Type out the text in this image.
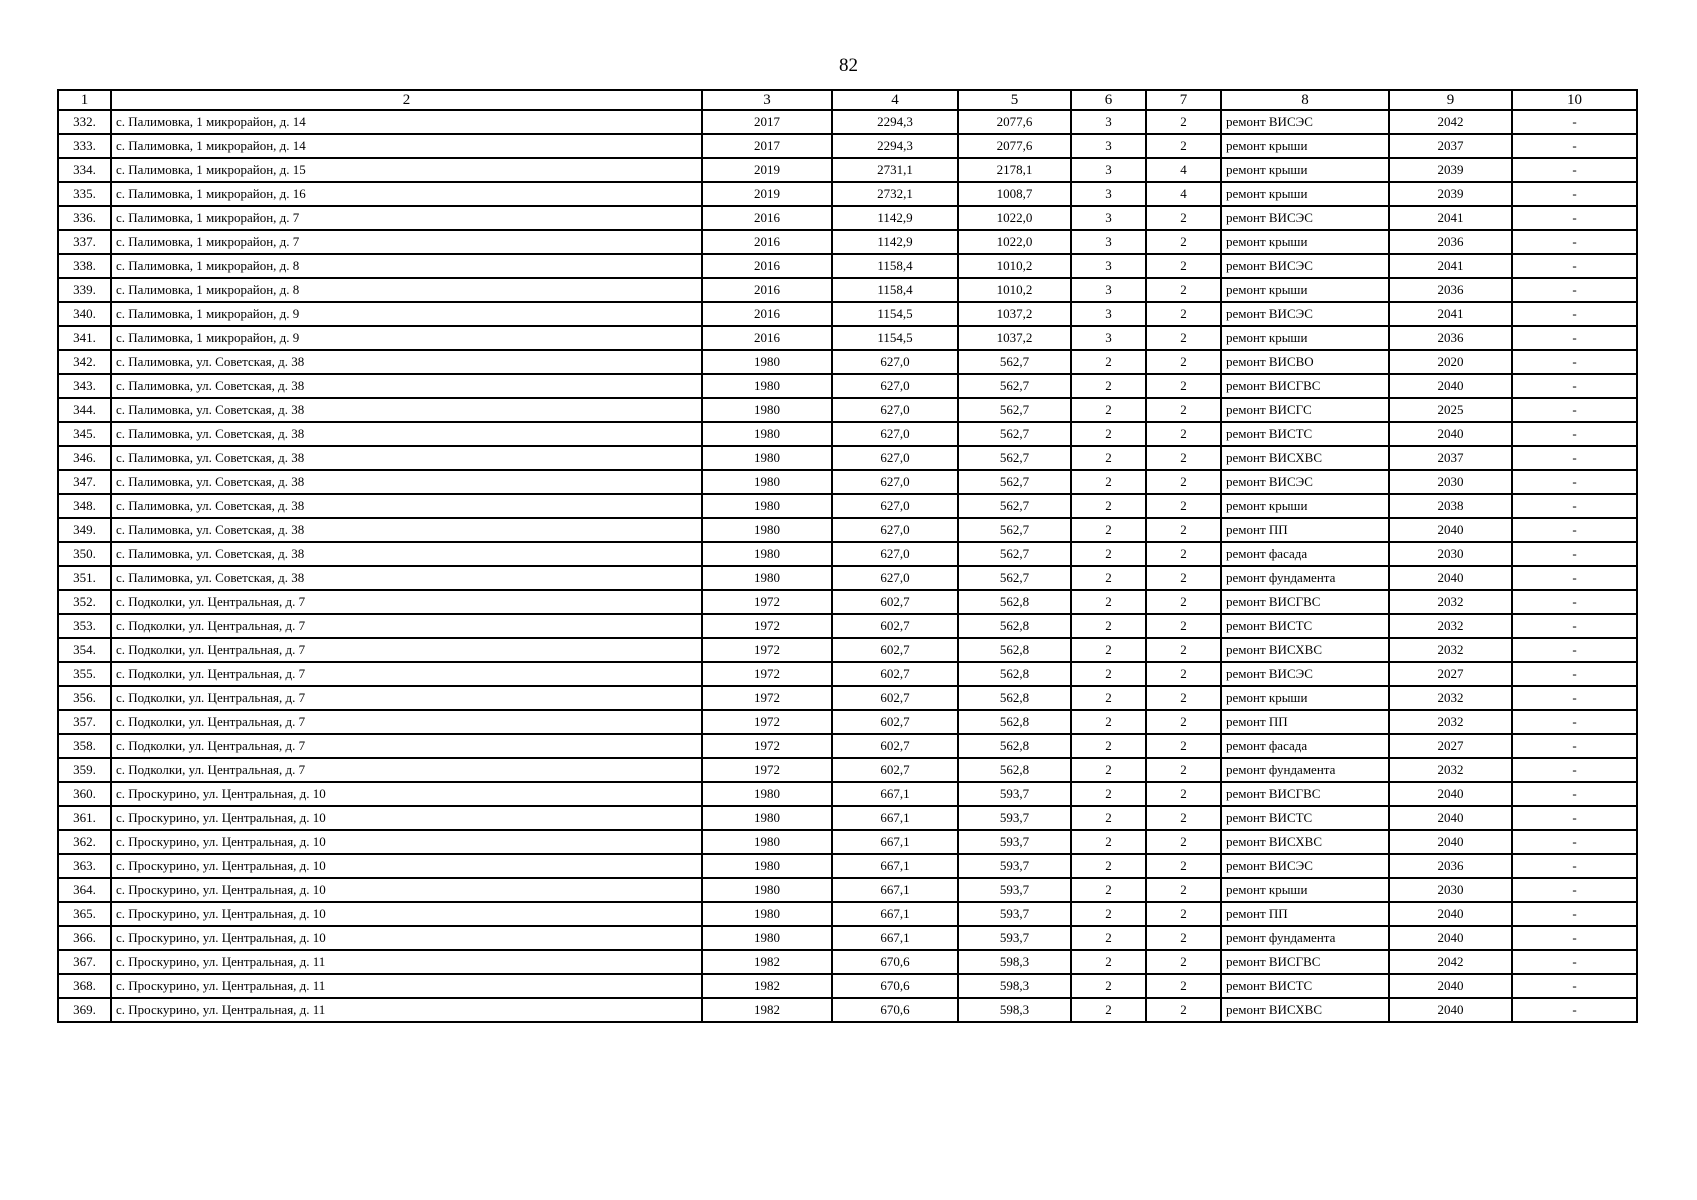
82
1	2	3	4	5	6	7	8	9	10
332.	с. Палимовка, 1 микрорайон, д. 14	2017	2294,3	2077,6	3	2	ремонт ВИСЭС	2042	-
333.	с. Палимовка, 1 микрорайон, д. 14	2017	2294,3	2077,6	3	2	ремонт крыши	2037	-
334.	с. Палимовка, 1 микрорайон, д. 15	2019	2731,1	2178,1	3	4	ремонт крыши	2039	-
335.	с. Палимовка, 1 микрорайон, д. 16	2019	2732,1	1008,7	3	4	ремонт крыши	2039	-
336.	с. Палимовка, 1 микрорайон, д. 7	2016	1142,9	1022,0	3	2	ремонт ВИСЭС	2041	-
337.	с. Палимовка, 1 микрорайон, д. 7	2016	1142,9	1022,0	3	2	ремонт крыши	2036	-
338.	с. Палимовка, 1 микрорайон, д. 8	2016	1158,4	1010,2	3	2	ремонт ВИСЭС	2041	-
339.	с. Палимовка, 1 микрорайон, д. 8	2016	1158,4	1010,2	3	2	ремонт крыши	2036	-
340.	с. Палимовка, 1 микрорайон, д. 9	2016	1154,5	1037,2	3	2	ремонт ВИСЭС	2041	-
341.	с. Палимовка, 1 микрорайон, д. 9	2016	1154,5	1037,2	3	2	ремонт крыши	2036	-
342.	с. Палимовка, ул. Советская, д. 38	1980	627,0	562,7	2	2	ремонт ВИСВО	2020	-
343.	с. Палимовка, ул. Советская, д. 38	1980	627,0	562,7	2	2	ремонт ВИСГВС	2040	-
344.	с. Палимовка, ул. Советская, д. 38	1980	627,0	562,7	2	2	ремонт ВИСГС	2025	-
345.	с. Палимовка, ул. Советская, д. 38	1980	627,0	562,7	2	2	ремонт ВИСТС	2040	-
346.	с. Палимовка, ул. Советская, д. 38	1980	627,0	562,7	2	2	ремонт ВИСХВС	2037	-
347.	с. Палимовка, ул. Советская, д. 38	1980	627,0	562,7	2	2	ремонт ВИСЭС	2030	-
348.	с. Палимовка, ул. Советская, д. 38	1980	627,0	562,7	2	2	ремонт крыши	2038	-
349.	с. Палимовка, ул. Советская, д. 38	1980	627,0	562,7	2	2	ремонт ПП	2040	-
350.	с. Палимовка, ул. Советская, д. 38	1980	627,0	562,7	2	2	ремонт фасада	2030	-
351.	с. Палимовка, ул. Советская, д. 38	1980	627,0	562,7	2	2	ремонт фундамента	2040	-
352.	с. Подколки, ул. Центральная, д. 7	1972	602,7	562,8	2	2	ремонт ВИСГВС	2032	-
353.	с. Подколки, ул. Центральная, д. 7	1972	602,7	562,8	2	2	ремонт ВИСТС	2032	-
354.	с. Подколки, ул. Центральная, д. 7	1972	602,7	562,8	2	2	ремонт ВИСХВС	2032	-
355.	с. Подколки, ул. Центральная, д. 7	1972	602,7	562,8	2	2	ремонт ВИСЭС	2027	-
356.	с. Подколки, ул. Центральная, д. 7	1972	602,7	562,8	2	2	ремонт крыши	2032	-
357.	с. Подколки, ул. Центральная, д. 7	1972	602,7	562,8	2	2	ремонт ПП	2032	-
358.	с. Подколки, ул. Центральная, д. 7	1972	602,7	562,8	2	2	ремонт фасада	2027	-
359.	с. Подколки, ул. Центральная, д. 7	1972	602,7	562,8	2	2	ремонт фундамента	2032	-
360.	с. Проскурино, ул. Центральная, д. 10	1980	667,1	593,7	2	2	ремонт ВИСГВС	2040	-
361.	с. Проскурино, ул. Центральная, д. 10	1980	667,1	593,7	2	2	ремонт ВИСТС	2040	-
362.	с. Проскурино, ул. Центральная, д. 10	1980	667,1	593,7	2	2	ремонт ВИСХВС	2040	-
363.	с. Проскурино, ул. Центральная, д. 10	1980	667,1	593,7	2	2	ремонт ВИСЭС	2036	-
364.	с. Проскурино, ул. Центральная, д. 10	1980	667,1	593,7	2	2	ремонт крыши	2030	-
365.	с. Проскурино, ул. Центральная, д. 10	1980	667,1	593,7	2	2	ремонт ПП	2040	-
366.	с. Проскурино, ул. Центральная, д. 10	1980	667,1	593,7	2	2	ремонт фундамента	2040	-
367.	с. Проскурино, ул. Центральная, д. 11	1982	670,6	598,3	2	2	ремонт ВИСГВС	2042	-
368.	с. Проскурино, ул. Центральная, д. 11	1982	670,6	598,3	2	2	ремонт ВИСТС	2040	-
369.	с. Проскурино, ул. Центральная, д. 11	1982	670,6	598,3	2	2	ремонт ВИСХВС	2040	-
